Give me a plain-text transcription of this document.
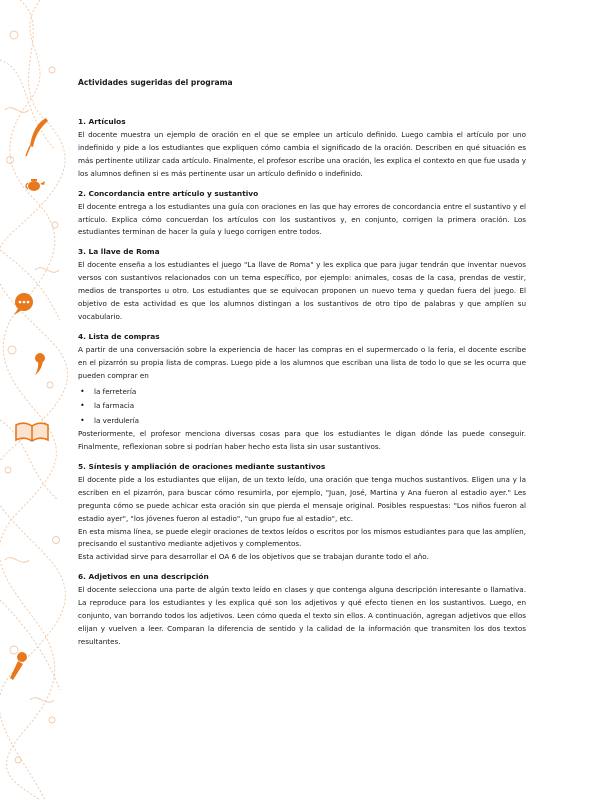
Actividades sugeridas del programa
1. Artículos

El docente muestra un ejemplo de oración en el que se emplee un artículo definido. Luego cambia el artículo por uno indefinido y pide a los estudiantes que expliquen cómo cambia el significado de la oración. Describen en qué situación es más pertinente utilizar cada artículo. Finalmente, el profesor escribe una oración, les explica el contexto en que fue usada y los alumnos definen si es más pertinente usar un artículo definido o indefinido.

2. Concordancia entre artículo y sustantivo

El docente entrega a los estudiantes una guía con oraciones en las que hay errores de concordancia entre el sustantivo y el artículo. Explica cómo concuerdan los artículos con los sustantivos y, en conjunto, corrigen la primera oración. Los estudiantes terminan de hacer la guía y luego corrigen entre todos.

3. La llave de Roma

El docente enseña a los estudiantes el juego "La llave de Roma" y les explica que para jugar tendrán que inventar nuevos versos con sustantivos relacionados con un tema específico, por ejemplo: animales, cosas de la casa, prendas de vestir, medios de transportes u otro. Los estudiantes que se equivocan proponen un nuevo tema y quedan fuera del juego. El objetivo de esta actividad es que los alumnos distingan a los sustantivos de otro tipo de palabras y que amplíen su vocabulario.

4. Lista de compras

A partir de una conversación sobre la experiencia de hacer las compras en el supermercado o la feria, el docente escribe en el pizarrón su propia lista de compras. Luego pide a los alumnos que escriban una lista de todo lo que se les ocurra que pueden comprar en

• la ferretería
• la farmacia
• la verdulería

Posteriormente, el profesor menciona diversas cosas para que los estudiantes le digan dónde las puede conseguir. Finalmente, reflexionan sobre si podrían haber hecho esta lista sin usar sustantivos.

5. Síntesis y ampliación de oraciones mediante sustantivos

El docente pide a los estudiantes que elijan, de un texto leído, una oración que tenga muchos sustantivos. Eligen una y la escriben en el pizarrón, para buscar cómo resumirla, por ejemplo, "Juan, José, Martina y Ana fueron al estadio ayer." Les pregunta cómo se puede achicar esta oración sin que pierda el mensaje original. Posibles respuestas: "Los niños fueron al estadio ayer", "los jóvenes fueron al estadio", "un grupo fue al estadio", etc.

En esta misma línea, se puede elegir oraciones de textos leídos o escritos por los mismos estudiantes para que las amplíen, precisando el sustantivo mediante adjetivos y complementos.

Esta actividad sirve para desarrollar el OA 6 de los objetivos que se trabajan durante todo el año.

6. Adjetivos en una descripción

El docente selecciona una parte de algún texto leído en clases y que contenga alguna descripción interesante o llamativa. La reproduce para los estudiantes y les explica qué son los adjetivos y qué efecto tienen en los sustantivos. Luego, en conjunto, van borrando todos los adjetivos. Leen cómo queda el texto sin ellos. A continuación, agregan adjetivos que ellos elijan y vuelven a leer. Comparan la diferencia de sentido y la calidad de la información que transmiten los dos textos resultantes.
